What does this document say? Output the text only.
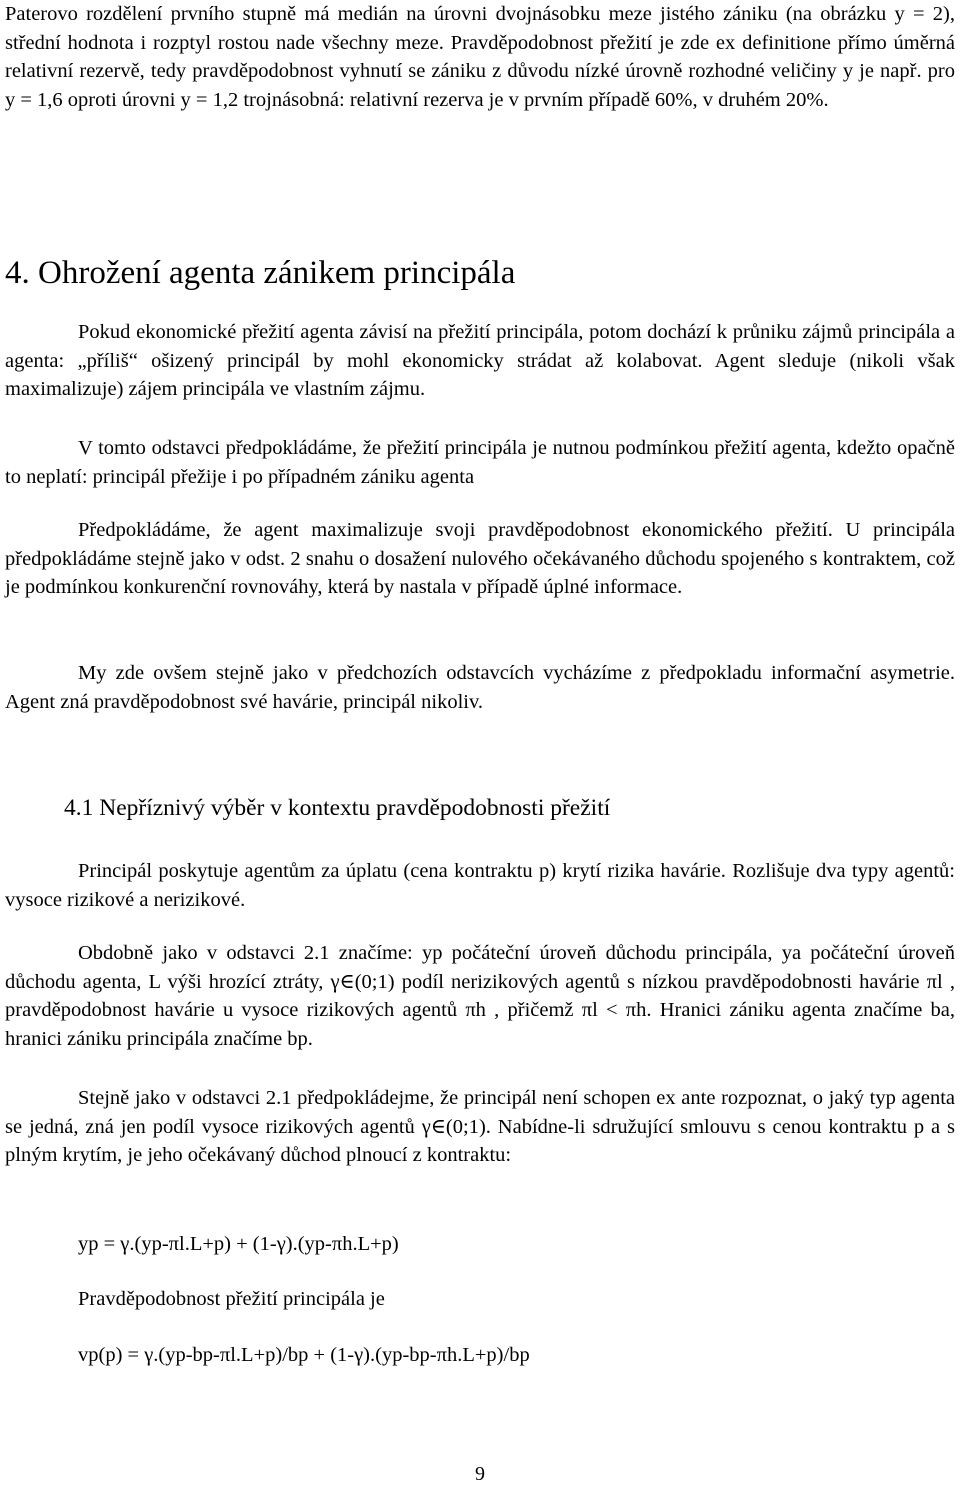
Paterovo rozdělení prvního stupně má medián na úrovni dvojnásobku meze jistého zániku (na obrázku y = 2), střední hodnota i rozptyl rostou nade všechny meze. Pravděpodobnost přežití je zde ex definitione přímo úměrná relativní rezervě, tedy pravděpodobnost vyhnutí se zániku z důvodu nízké úrovně rozhodné veličiny y je např. pro y = 1,6 oproti úrovni y = 1,2 trojnásobná: relativní rezerva je v prvním případě 60%, v druhém 20%.

4. Ohrožení agenta zánikem principála

Pokud ekonomické přežití agenta závisí na přežití principála, potom dochází k průniku zájmů principála a agenta: „příliš“ ošizený principál by mohl ekonomicky strádat až kolabovat. Agent sleduje (nikoli však maximalizuje) zájem principála ve vlastním zájmu.

V tomto odstavci předpokládáme, že přežití principála je nutnou podmínkou přežití agenta, kdežto opačně to neplatí: principál přežije i po případném zániku agenta

Předpokládáme, že agent maximalizuje svoji pravděpodobnost ekonomického přežití. U principála předpokládáme stejně jako v odst. 2 snahu o dosažení nulového očekávaného důchodu spojeného s kontraktem, což je podmínkou konkurenční rovnováhy, která by nastala v případě úplné informace.

My zde ovšem stejně jako v předchozích odstavcích vycházíme z předpokladu informační asymetrie. Agent zná pravděpodobnost své havárie, principál nikoliv.

4.1 Nepříznivý výběr v kontextu pravděpodobnosti přežití

Principál poskytuje agentům za úplatu (cena kontraktu p) krytí rizika havárie. Rozlišuje dva typy agentů: vysoce rizikové a nerizikové.

Obdobně jako v odstavci 2.1 značíme: yp počáteční úroveň důchodu principála, ya počáteční úroveň důchodu agenta, L výši hrozící ztráty, γ∈(0;1) podíl nerizikových agentů s nízkou pravděpodobnosti havárie πl , pravděpodobnost havárie u vysoce rizikových agentů πh , přičemž πl < πh. Hranici zániku agenta značíme ba, hranici zániku principála značíme bp.

Stejně jako v odstavci 2.1 předpokládejme, že principál není schopen ex ante rozpoznat, o jaký typ agenta se jedná, zná jen podíl vysoce rizikových agentů γ∈(0;1). Nabídne-li sdružující smlouvu s cenou kontraktu p a s plným krytím, je jeho očekávaný důchod plnoucí z kontraktu:

yp = γ.(yp-πl.L+p) + (1-γ).(yp-πh.L+p)

Pravděpodobnost přežití principála je

vp(p) = γ.(yp-bp-πl.L+p)/bp + (1-γ).(yp-bp-πh.L+p)/bp

9
